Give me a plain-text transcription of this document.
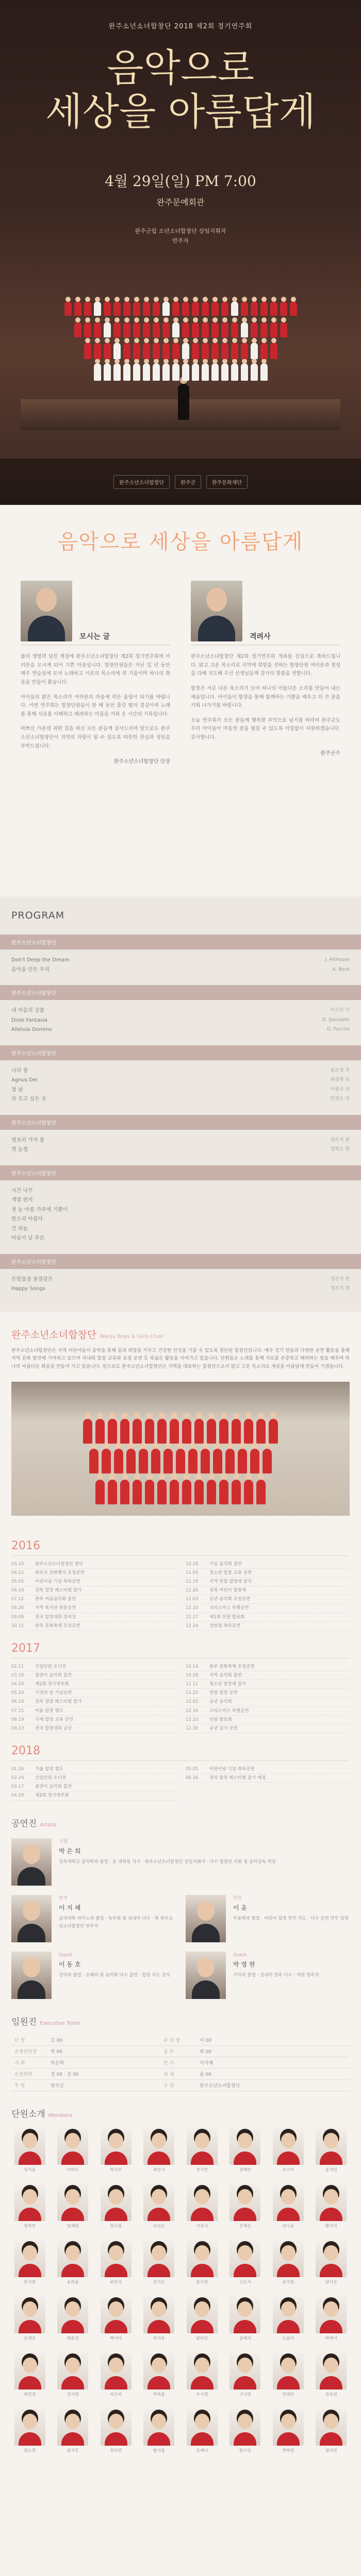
완주소년소녀합창단 2018 제2회 정기연주회
음악으로
세상을 아름답게
4월 29일(일) PM 7:00
완주문예회관
완주군립 소년소녀합창단 상임지휘자
반주자
완주소년소녀합창단	완주군	완주문화재단
음악으로 세상을 아름답게
모시는 글

봄의 생명력 넘친 계절에 완주소년소녀합창단 제2회 정기연주회에 여러분을 모시게 되어 기쁜 마음입니다. 합창단원들은 지난 일 년 동안 매주 연습실에 모여 노래하고 서로의 목소리에 귀 기울이며 하나의 화음을 만들어 왔습니다.

아이들의 맑은 목소리가 여러분의 마음에 작은 울림이 되기를 바랍니다. 이번 연주회는 합창단원들이 한 해 동안 흘린 땀의 결실이며 노래를 통해 서로를 이해하고 배려하는 마음을 키워 온 시간의 기록입니다.

바쁘신 가운데 귀한 걸음 하신 모든 분들께 감사드리며 앞으로도 완주소년소녀합창단이 지역의 자랑이 될 수 있도록 따뜻한 관심과 성원을 부탁드립니다.

완주소년소녀합창단 단장
격려사

완주소년소녀합창단 제2회 정기연주회 개최를 진심으로 축하드립니다. 맑고 고운 목소리로 지역에 희망을 전하는 합창단원 여러분과 정성을 다해 지도해 주신 선생님들께 감사의 말씀을 전합니다.

합창은 서로 다른 목소리가 모여 하나의 아름다운 소리를 만들어 내는 예술입니다. 아이들이 합창을 통해 함께하는 기쁨을 배우고 더 큰 꿈을 키워 나가기를 바랍니다.

오늘 연주회가 모든 분들께 행복한 추억으로 남기를 바라며 완주군도 우리 아이들이 마음껏 꿈을 펼칠 수 있도록 아낌없이 지원하겠습니다. 감사합니다.

완주군수
PROGRAM
완주소년소녀합창단
Don't Deep the Dream	J. Althouse
음악을 만든 우리	A. Beck
완주소년소녀합창단
내 마음의 강물	이수인 곡
Dixie Fantasia	D. Donizetti
Alleluia Domino	G. Puccini
완주소년소녀합창단
나의 꿈	송은정 곡
Agnus Dei	위경희 곡
청 남	이광수 곡
꼭 오고 싶은 곳	안정은 곡
완주소년소녀합창단
별보러 가자 봄	정은지 편
첫 눈썹	정희은 편
완주소년소녀합창단
시간 나무
계절 편지
첫 눈 아름 가루에 기쁨이
한소리 아름다
긴 하늘
마음이 날 푸른
완주소년소녀합창단
은빛물결 꿈결같은	정은지 편
Happy Songs	정은지 편
완주소년소녀합창단 Wanju Boys & Girls Choir

완주소년소녀합창단은 지역 어린이들이 음악을 통해 꿈과 희망을 키우고 건강한 인성을 기를 수 있도록 창단된 합창단입니다. 매주 정기 연습과 다양한 공연 활동을 통해 지역 문화 발전에 기여하고 있으며 국내외 합창 교류와 초청 공연 등 폭넓은 활동을 이어가고 있습니다. 단원들은 노래를 통해 서로를 존중하고 배려하는 법을 배우며 하나의 아름다운 화음을 만들어 가고 있습니다. 앞으로도 완주소년소녀합창단은 지역을 대표하는 합창단으로서 맑고 고운 목소리로 세상을 아름답게 만들어 가겠습니다.

2016
03.10	완주소년소녀합창단 창단
04.22	완주군 문화행사 초청공연
05.05	어린이날 기념 축하공연
06.18	전북 합창 페스티벌 참가
07.12	완주 여름음악회 출연
08.26	지역 복지관 위문공연
09.09	전국 합창대회 장려상
10.15	완주 문화축제 초청공연
10.28	가을 음악회 출연
11.05	청소년 합창 교류 공연
11.19	지역 연합 합창제 참가
11.26	전북 어린이 합창제
12.03	송년 음악회 초청공연
12.10	크리스마스 특별공연
12.17	제1회 단원 발표회
12.24	성탄절 축하공연
2017
02.11	신입단원 오디션
03.18	봄맞이 음악회 출연
04.29	제1회 정기연주회
05.20	가정의 달 기념공연
06.24	전북 합창 페스티벌 참가
07.15	여름 합창 캠프
08.19	국제 합창 교류 공연
09.23	전국 합창대회 금상
10.14	완주 문화축제 초청공연
10.28	지역 음악회 출연
11.11	청소년 합창제 참가
11.25	연합 합창 공연
12.02	송년 음악회
12.16	크리스마스 특별공연
12.23	단원 발표회
12.30	송년 감사 공연
2018
01.20	겨울 합창 캠프
02.24	신입단원 오디션
03.17	봄맞이 음악회 출연
04.29	제2회 정기연주회
05.05	어린이날 기념 축하공연
06.16	전북 합창 페스티벌 참가 예정
공연진 Artists
지휘
박 은 희
전북대학교 음악학과 졸업 · 동 대학원 석사 · 완주소년소녀합창단 상임지휘자 · 다수 합창단 지휘 및 음악감독 역임
반주
이 지 혜
음악대학 피아노과 졸업 · 독주회 및 실내악 다수 · 현 완주소년소녀합창단 반주자
안무
이 윤
무용학과 졸업 · 어린이 합창 안무 지도 · 다수 공연 안무 담당
Guest
이 동 호
성악과 졸업 · 오페라 및 음악회 다수 출연 · 합창 지도 강사
Guest
박 영 현
기악과 졸업 · 실내악 연주 다수 · 객원 연주자
임원진 Executive Team
단 장	김 00	부 단 장	이 00
운영위원장	박 00	총 무	최 00
지 휘	박은희	반 주	이지혜
운영위원	정 00 · 강 00	회 계	윤 00
후 원	완주군	주 관	완주소년소녀합창단
단원소개 Members
김서윤	이하은	박지우	최민서	정서연	강예린	조수아	윤지민
장하린	임채원	한소율	오다은	서유나	신예은	권나윤	황지아
안서현	송하윤	류민지	전가은	홍수빈	고은서	문지원	양시은
손채은	배유진	백서아	허지유	남다인	심예지	노윤아	하예서
곽민경	성지현	차은비	주하율	우서영	구나연	민채린	진유빈
엄소희	원지호	천다연	방서율	공예나	현수민	변하영	염지안
